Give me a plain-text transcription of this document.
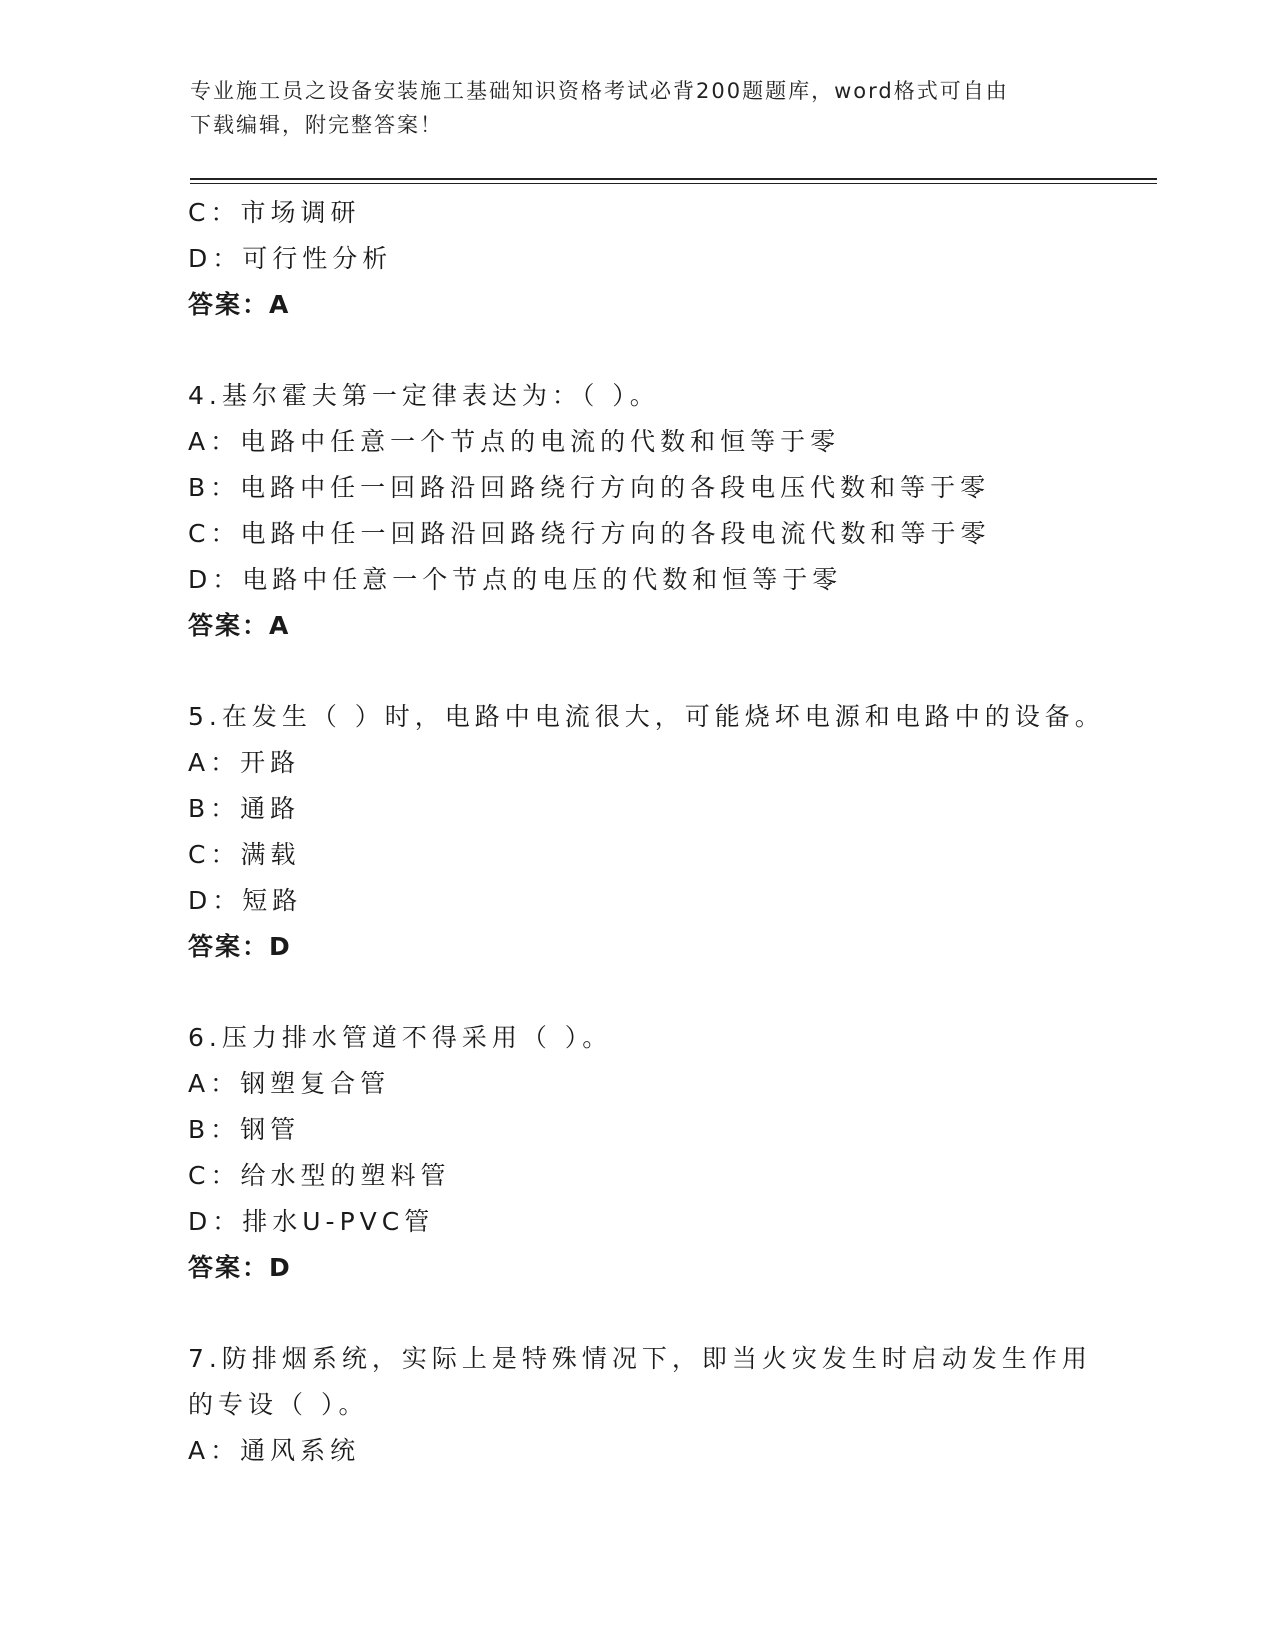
专业施工员之设备安装施工基础知识资格考试必背200题题库，word格式可自由
下载编辑，附完整答案！
C：市场调研
D：可行性分析
答案：A
4.基尔霍夫第一定律表达为：（ ）。
A：电路中任意一个节点的电流的代数和恒等于零
B：电路中任一回路沿回路绕行方向的各段电压代数和等于零
C：电路中任一回路沿回路绕行方向的各段电流代数和等于零
D：电路中任意一个节点的电压的代数和恒等于零
答案：A
5.在发生（ ）时，电路中电流很大，可能烧坏电源和电路中的设备。
A：开路
B：通路
C：满载
D：短路
答案：D
6.压力排水管道不得采用（ ）。
A：钢塑复合管
B：钢管
C：给水型的塑料管
D：排水U-PVC管
答案：D
7.防排烟系统，实际上是特殊情况下，即当火灾发生时启动发生作用
的专设（ ）。
A：通风系统
